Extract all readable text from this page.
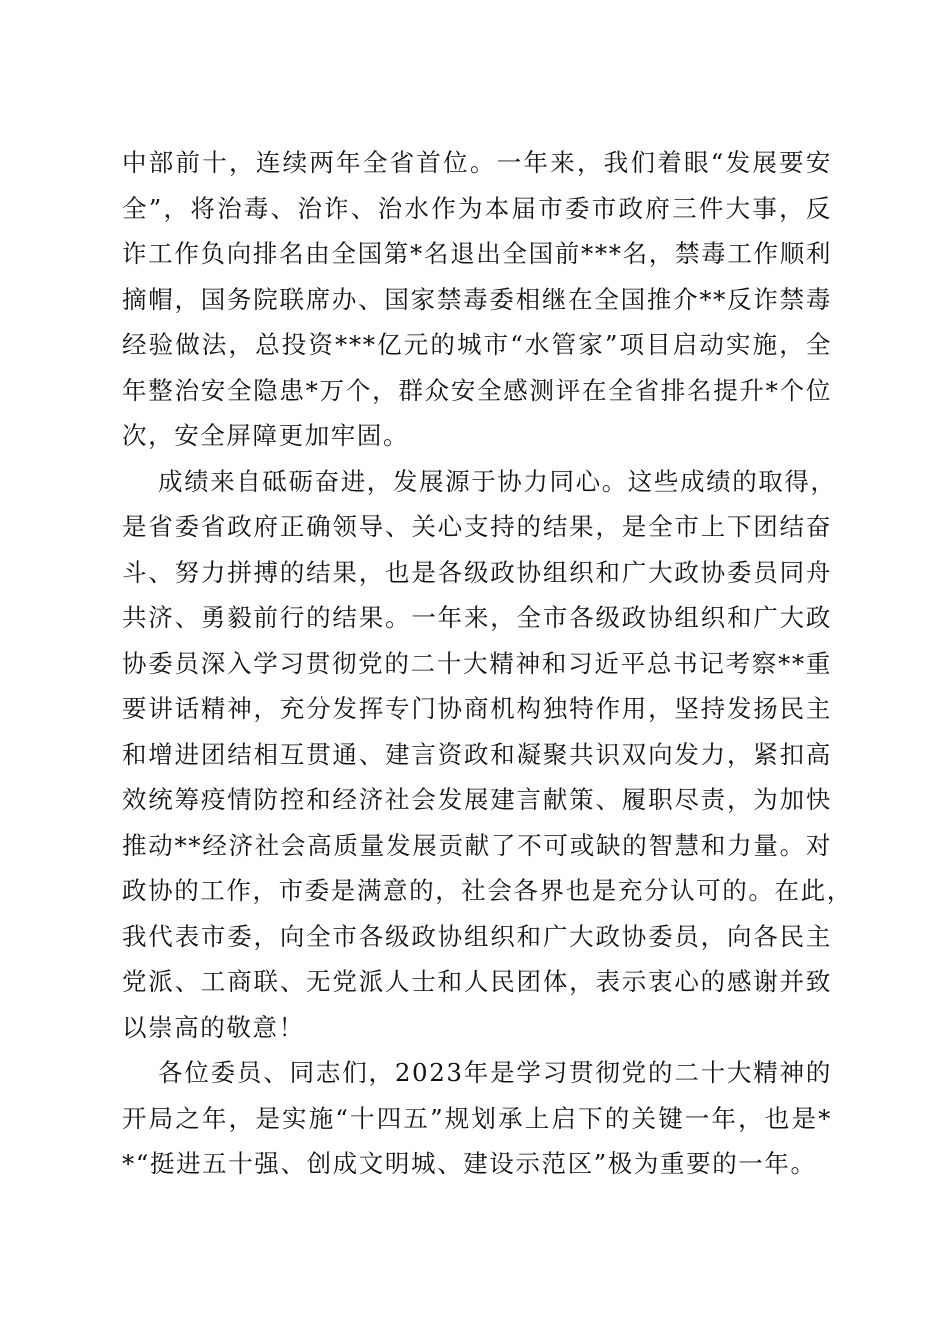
中部前十，连续两年全省首位。一年来，我们着眼“发展要安
全”，将治毒、治诈、治水作为本届市委市政府三件大事，反
诈工作负向排名由全国第*名退出全国前***名，禁毒工作顺利
摘帽，国务院联席办、国家禁毒委相继在全国推介**反诈禁毒
经验做法，总投资***亿元的城市“水管家”项目启动实施，全
年整治安全隐患*万个，群众安全感测评在全省排名提升*个位
次，安全屏障更加牢固。
成绩来自砥砺奋进，发展源于协力同心。这些成绩的取得，
是省委省政府正确领导、关心支持的结果，是全市上下团结奋
斗、努力拼搏的结果，也是各级政协组织和广大政协委员同舟
共济、勇毅前行的结果。一年来，全市各级政协组织和广大政
协委员深入学习贯彻党的二十大精神和习近平总书记考察**重
要讲话精神，充分发挥专门协商机构独特作用，坚持发扬民主
和增进团结相互贯通、建言资政和凝聚共识双向发力，紧扣高
效统筹疫情防控和经济社会发展建言献策、履职尽责，为加快
推动**经济社会高质量发展贡献了不可或缺的智慧和力量。对
政协的工作，市委是满意的，社会各界也是充分认可的。在此，
我代表市委，向全市各级政协组织和广大政协委员，向各民主
党派、工商联、无党派人士和人民团体，表示衷心的感谢并致
以崇高的敬意！
各位委员、同志们，2023年是学习贯彻党的二十大精神的
开局之年，是实施“十四五”规划承上启下的关键一年，也是*
*“挺进五十强、创成文明城、建设示范区”极为重要的一年。
